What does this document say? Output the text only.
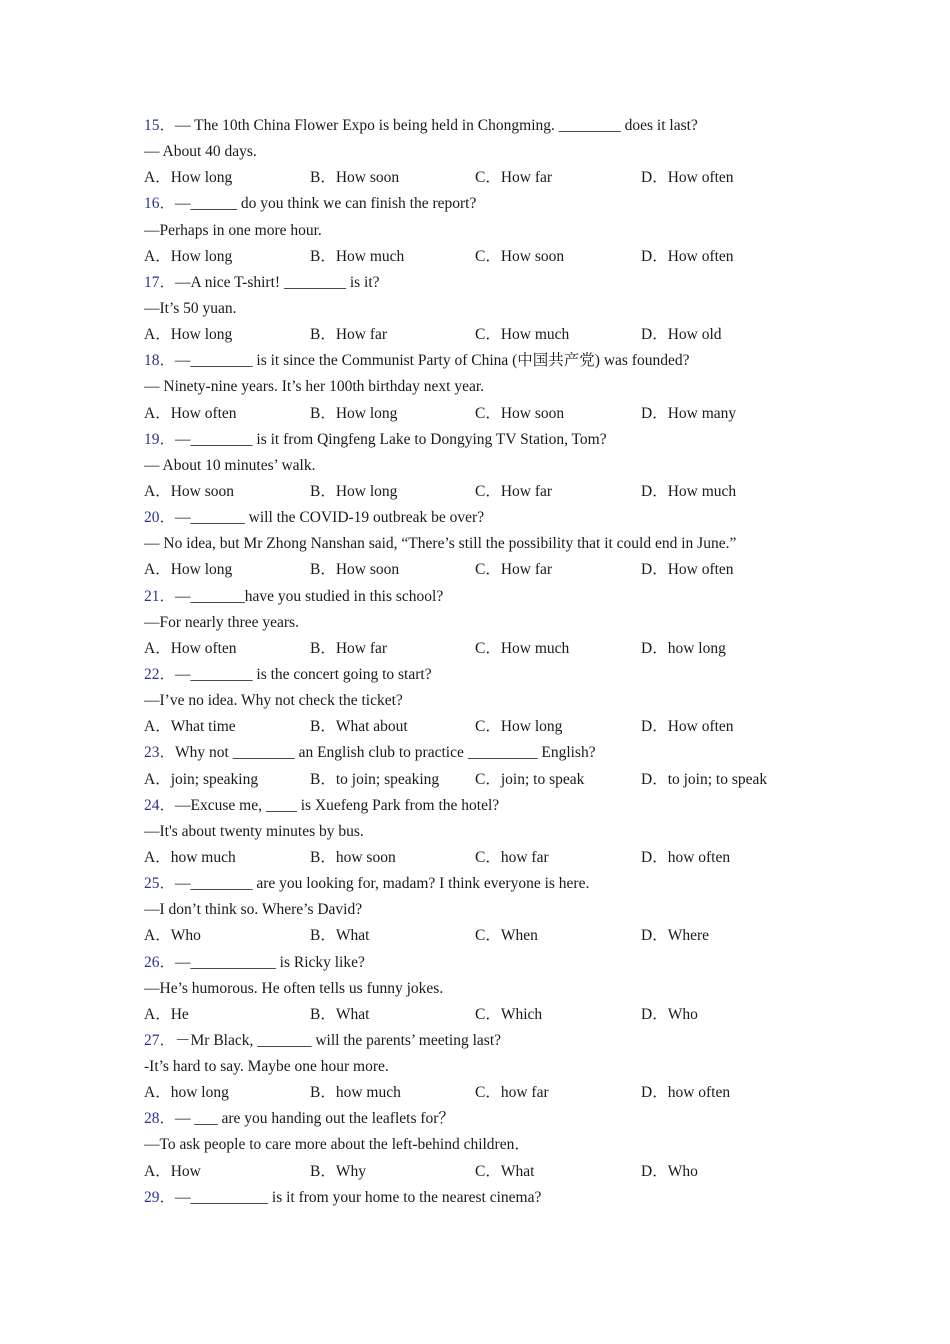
15．— The 10th China Flower Expo is being held in Chongming. ________ does it last?
— About 40 days.
A．How long	B．How soon	C．How far	D．How often
16．—______ do you think we can finish the report?
—Perhaps in one more hour.
A．How long	B．How much	C．How soon	D．How often
17．—A nice T-shirt! ________ is it?
—It’s 50 yuan.
A．How long	B．How far	C．How much	D．How old
18．—________ is it since the Communist Party of China (中国共产党) was founded?
— Ninety-nine years. It’s her 100th birthday next year.
A．How often	B．How long	C．How soon	D．How many
19．—________ is it from Qingfeng Lake to Dongying TV Station, Tom?
— About 10 minutes’ walk.
A．How soon	B．How long	C．How far	D．How much
20．—_______ will the COVID-19 outbreak be over?
— No idea, but Mr Zhong Nanshan said, “There’s still the possibility that it could end in June.”
A．How long	B．How soon	C．How far	D．How often
21．—_______have you studied in this school?
—For nearly three years.
A．How often	B．How far	C．How much	D．how long
22．—________ is the concert going to start?
—I’ve no idea. Why not check the ticket?
A．What time	B．What about	C．How long	D．How often
23．Why not ________ an English club to practice _________ English?
A．join; speaking	B．to join; speaking C．join; to speak	D．to join; to speak
24．—Excuse me, ____ is Xuefeng Park from the hotel?
—It's about twenty minutes by bus.
A．how much	B．how soon	C．how far	D．how often
25．—________ are you looking for, madam? I think everyone is here.
—I don’t think so. Where’s David?
A．Who	B．What	C．When	D．Where
26．—___________ is Ricky like?
—He’s humorous. He often tells us funny jokes.
A．He	B．What	C．Which	D．Who
27．－Mr Black, _______ will the parents’ meeting last?
-It’s hard to say. Maybe one hour more.
A．how long	B．how much	C．how far	D．how often
28．— ___ are you handing out the leaflets for？
—To ask people to care more about the left-behind children．
A．How	B．Why	C．What	D．Who
29．—__________ is it from your home to the nearest cinema?
